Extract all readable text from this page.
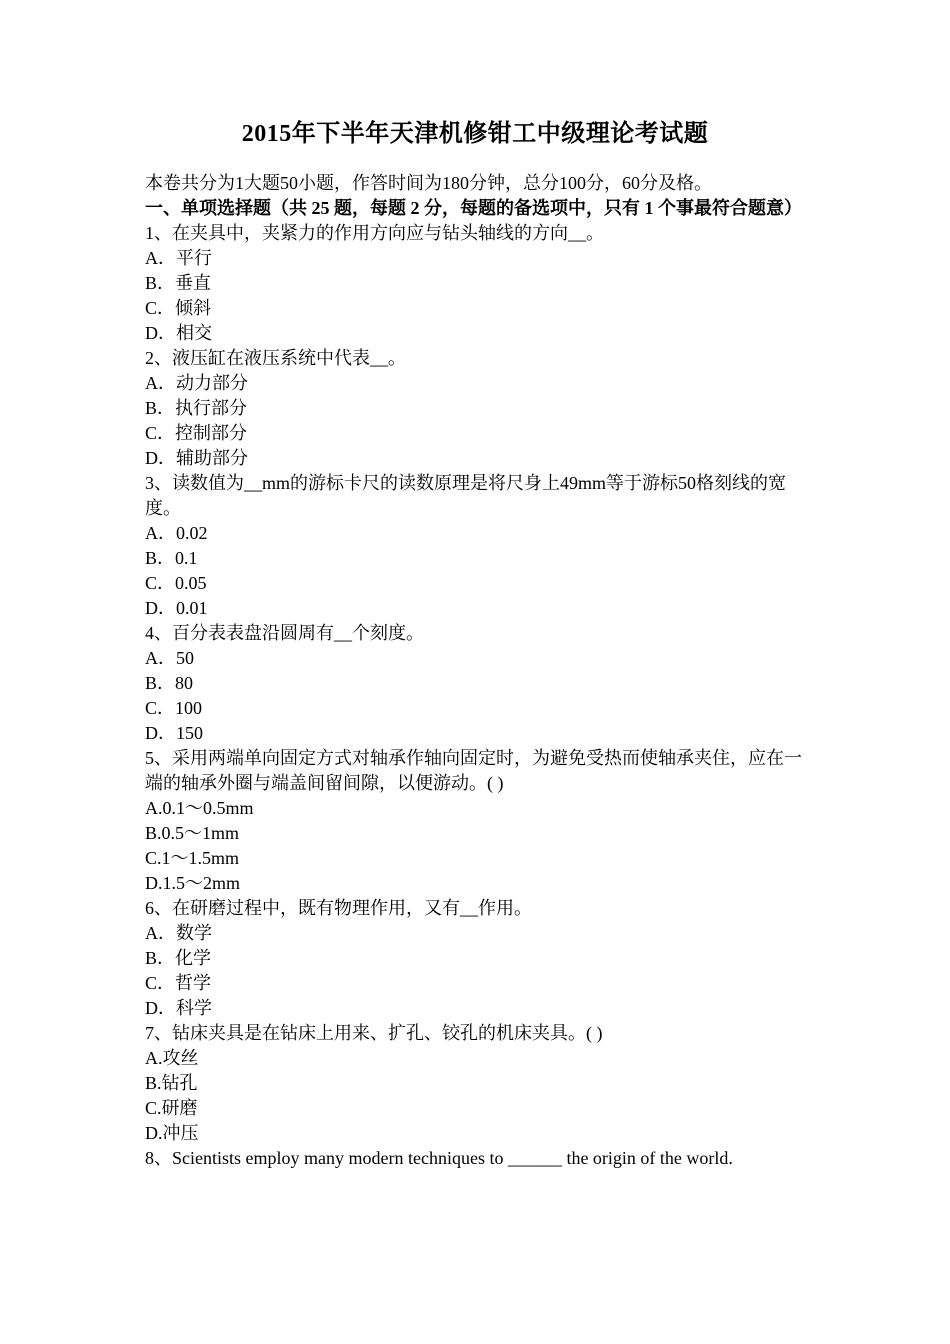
2015年下半年天津机修钳工中级理论考试题
本卷共分为1大题50小题，作答时间为180分钟，总分100分，60分及格。
一、单项选择题（共 25 题，每题 2 分，每题的备选项中，只有 1 个事最符合题意）
1、在夹具中，夹紧力的作用方向应与钻头轴线的方向__。
A．平行
B．垂直
C．倾斜
D．相交
2、液压缸在液压系统中代表__。
A．动力部分
B．执行部分
C．控制部分
D．辅助部分
3、读数值为__mm的游标卡尺的读数原理是将尺身上49mm等于游标50格刻线的宽度。
A．0.02
B．0.1
C．0.05
D．0.01
4、百分表表盘沿圆周有__个刻度。
A．50
B．80
C．100
D．150
5、采用两端单向固定方式对轴承作轴向固定时，为避免受热而使轴承夹住，应在一端的轴承外圈与端盖间留间隙，以便游动。( )
A.0.1～0.5mm
B.0.5～1mm
C.1～1.5mm
D.1.5～2mm
6、在研磨过程中，既有物理作用，又有__作用。
A．数学
B．化学
C．哲学
D．科学
7、钻床夹具是在钻床上用来、扩孔、铰孔的机床夹具。( )
A.攻丝
B.钻孔
C.研磨
D.冲压
8、Scientists employ many modern techniques to ______ the origin of the world.
